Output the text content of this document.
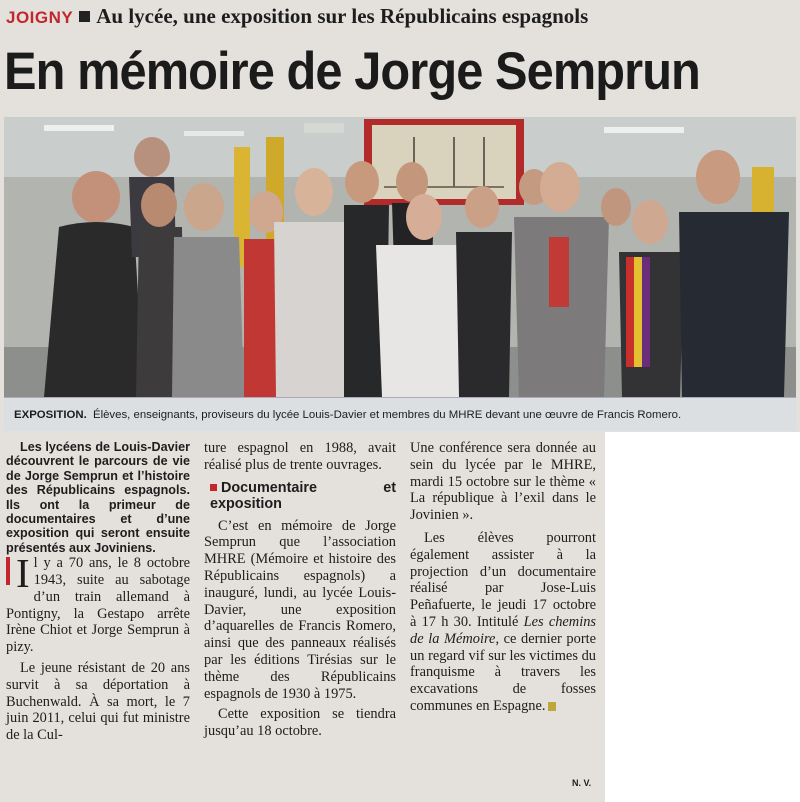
JOIGNY Au lycée, une exposition sur les Républicains espagnols
En mémoire de Jorge Semprun
EXPOSITION. Élèves, enseignants, proviseurs du lycée Louis-Davier et membres du MHRE devant une œuvre de Francis Romero.

Les lycéens de Louis-Davier découvrent le parcours de vie de Jorge Semprun et l’histoire des Républicains espagnols. Ils ont la primeur de documentaires et d’une exposition qui seront ensuite présentés aux Joviniens.

I l y a 70 ans, le 8 octobre 1943, suite au sabotage d’un train allemand à Pontigny, la Gestapo arrête Irène Chiot et Jorge Semprun à pizy.

Le jeune résistant de 20 ans survit à sa déportation à Buchenwald. À sa mort, le 7 juin 2011, celui qui fut ministre de la Cul-

ture espagnol en 1988, avait réalisé plus de trente ouvrages.

Documentaire et exposition

C’est en mémoire de Jorge Semprun que l’association MHRE (Mémoire et histoire des Républicains espagnols) a inauguré, lundi, au lycée Louis-Davier, une exposition d’aquarelles de Francis Romero, ainsi que des panneaux réalisés par les éditions Tirésias sur le thème des Républicains espagnols de 1930 à 1975.

Cette exposition se tiendra jusqu’au 18 octobre.

Une conférence sera donnée au sein du lycée par le MHRE, mardi 15 octobre sur le thème « La république à l’exil dans le Jovinien ».

Les élèves pourront également assister à la projection d’un documentaire réalisé par Jose-Luis Peñafuerte, le jeudi 17 octobre à 17 h 30. Intitulé Les chemins de la Mémoire, ce dernier porte un regard vif sur les victimes du franquisme à travers les excavations de fosses communes en Espagne.

N. V.
